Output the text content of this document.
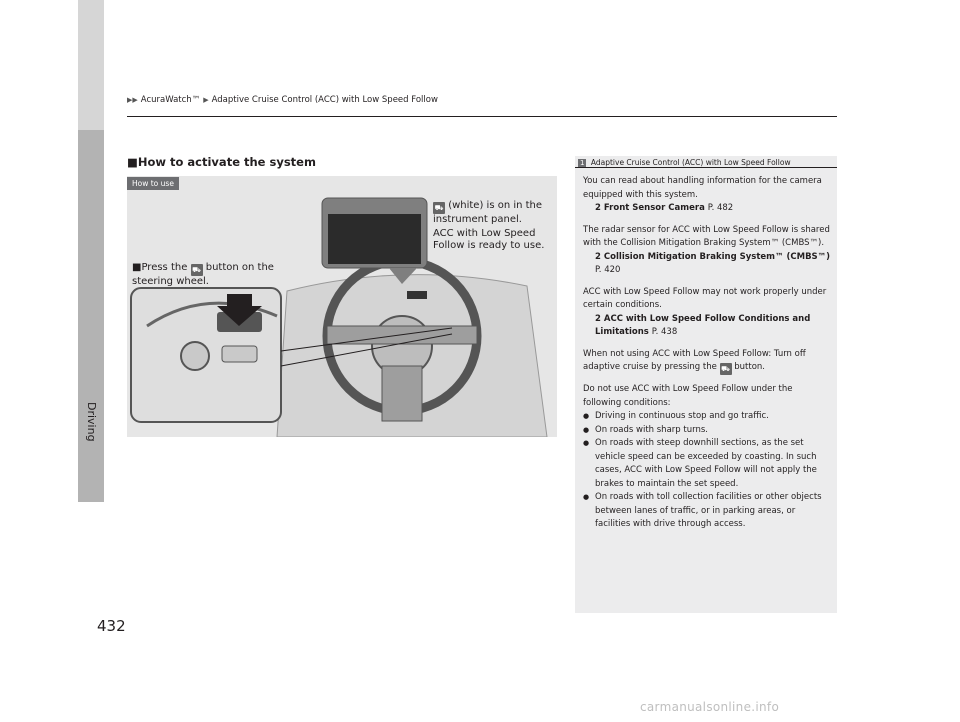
Driving
▶▶ AcuraWatch™ ▶ Adaptive Cruise Control (ACC) with Low Speed Follow
■How to activate the system
How to use
⛟ (white) is on in the instrument panel.
ACC with Low Speed Follow is ready to use.
■Press the ⛟ button on the steering wheel.
1 Adaptive Cruise Control (ACC) with Low Speed Follow

You can read about handling information for the camera equipped with this system.
2 Front Sensor Camera P. 482

The radar sensor for ACC with Low Speed Follow is shared with the Collision Mitigation Braking System™ (CMBS™).
2 Collision Mitigation Braking System™ (CMBS™) P. 420

ACC with Low Speed Follow may not work properly under certain conditions.
2 ACC with Low Speed Follow Conditions and Limitations P. 438

When not using ACC with Low Speed Follow: Turn off adaptive cruise by pressing the ⛟ button.

Do not use ACC with Low Speed Follow under the following conditions:

● Driving in continuous stop and go traffic.
● On roads with sharp turns.
● On roads with steep downhill sections, as the set vehicle speed can be exceeded by coasting. In such cases, ACC with Low Speed Follow will not apply the brakes to maintain the set speed.
● On roads with toll collection facilities or other objects between lanes of traffic, or in parking areas, or facilities with drive through access.
432
carmanualsonline.info
